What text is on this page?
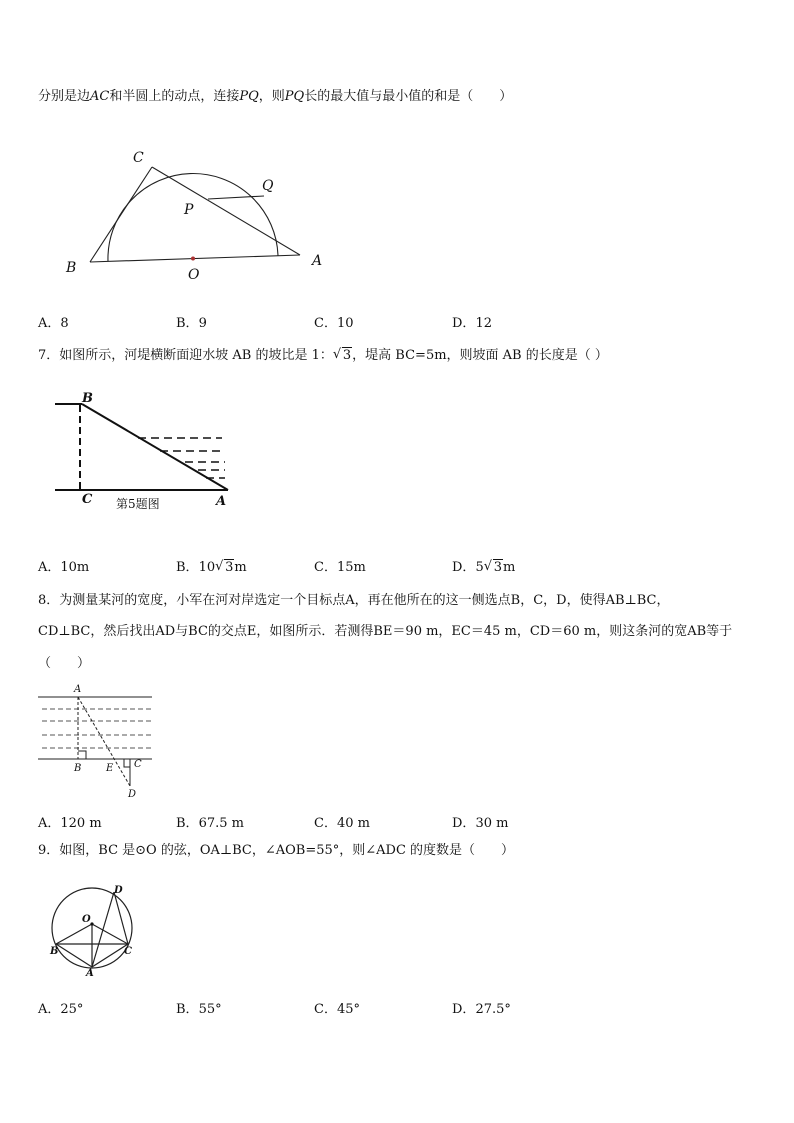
分别是边AC和半圆上的动点，连接PQ，则PQ长的最大值与最小值的和是（　　）
C
Q
P
B	O
A
A．8	B．9	C．10	D．12
7．如图所示，河堤横断面迎水坡 AB 的坡比是 1： √ 3，堤高 BC=5m，则坡面 AB 的长度是（ ）
B
C	A
第5题图
A．10m	B．10 √ 3m	C．15m	D．5 √ 3m
8．为测量某河的宽度，小军在河对岸选定一个目标点A，再在他所在的这一侧选点B，C，D，使得AB⊥BC，
CD⊥BC，然后找出AD与BC的交点E，如图所示．若测得BE＝90 m，EC＝45 m，CD＝60 m，则这条河的宽AB等于
（　　）
A
B E C
D
A．120 m	B．67.5 m	C．40 m	D．30 m
9．如图，BC 是⊙O 的弦，OA⊥BC，∠AOB=55°，则∠ADC 的度数是（　　）
D
O
B	C
A
A．25°	B．55°	C．45°	D．27.5°
